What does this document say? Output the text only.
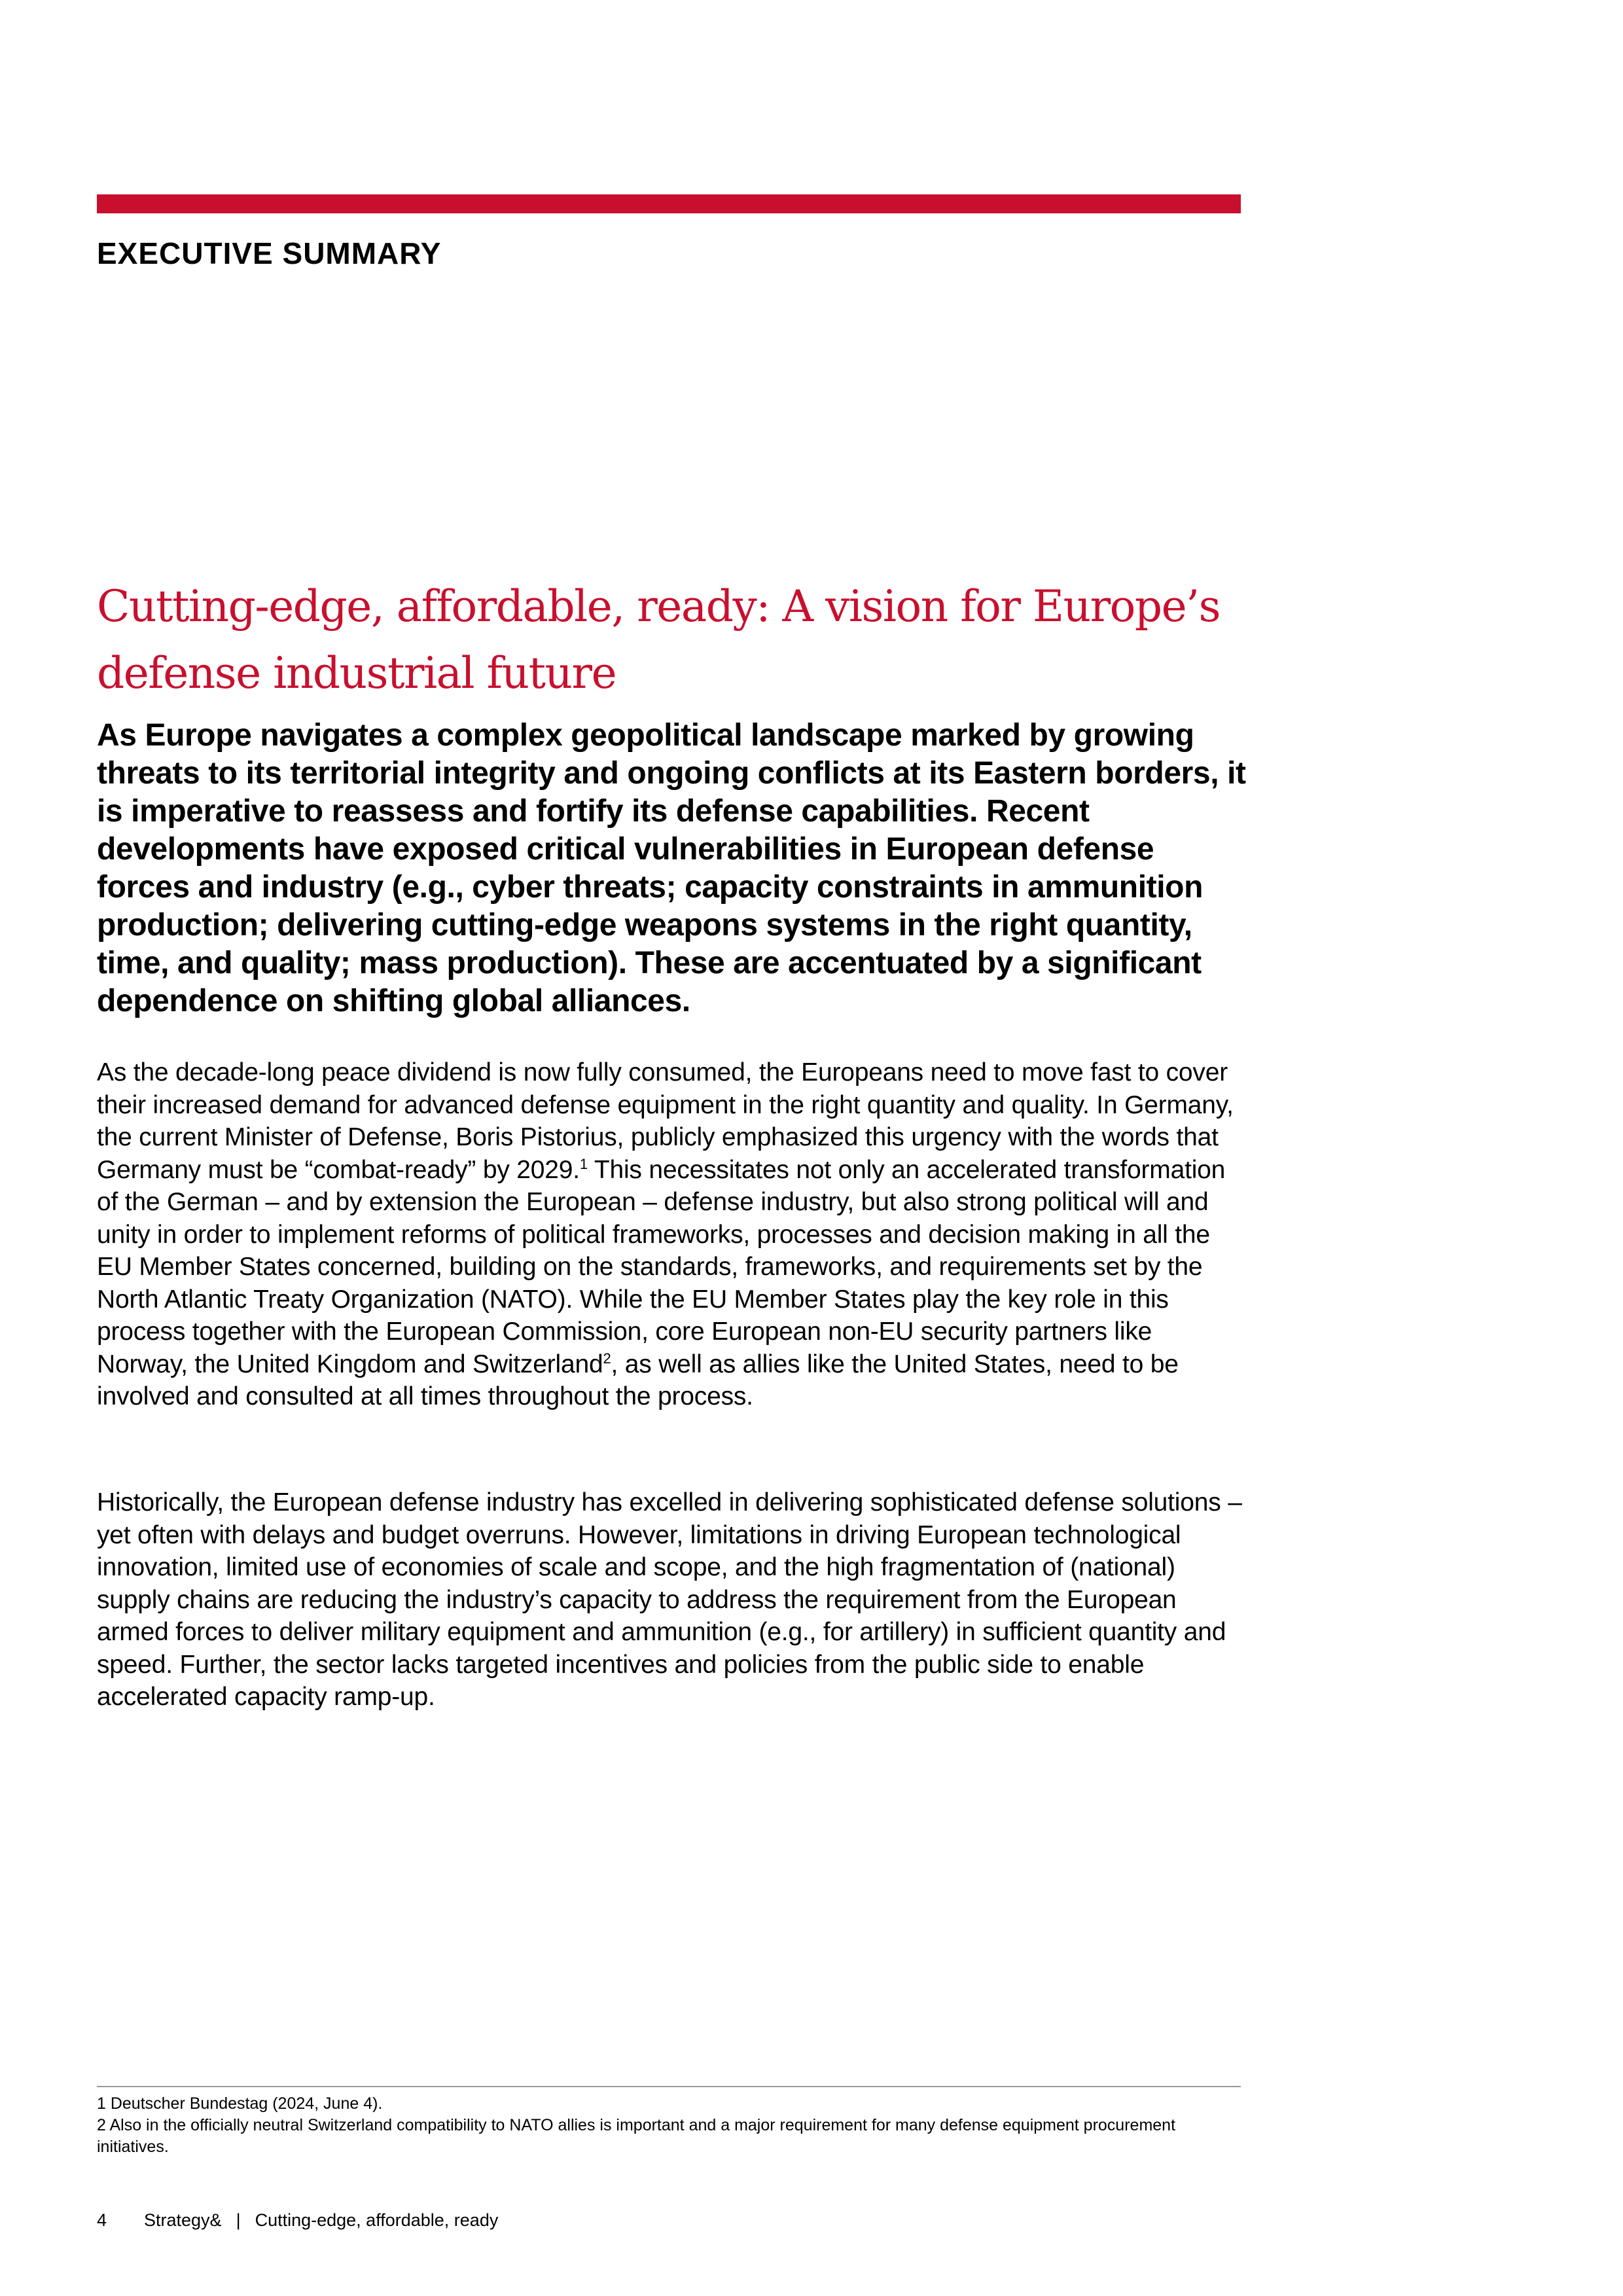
EXECUTIVE SUMMARY
Cutting-edge, affordable, ready: A vision for Europe’s defense industrial future

As Europe navigates a complex geopolitical landscape marked by growing threats to its territorial integrity and ongoing conflicts at its Eastern borders, it is imperative to reassess and fortify its defense capabilities. Recent developments have exposed critical vulnerabilities in European defense forces and industry (e.g., cyber threats; capacity constraints in ammunition production; delivering cutting-edge weapons systems in the right quantity, time, and quality; mass production). These are accentuated by a significant dependence on shifting global alliances.

As the decade-long peace dividend is now fully consumed, the Europeans need to move fast to cover their increased demand for advanced defense equipment in the right quantity and quality. In Germany, the current Minister of Defense, Boris Pistorius, publicly emphasized this urgency with the words that Germany must be “combat-ready” by 2029.$^1$ This necessitates not only an accelerated transformation of the German – and by extension the European – defense industry, but also strong political will and unity in order to implement reforms of political frameworks, processes and decision making in all the EU Member States concerned, building on the standards, frameworks, and requirements set by the North Atlantic Treaty Organization (NATO). While the EU Member States play the key role in this process together with the European Commission, core European non-EU security partners like Norway, the United Kingdom and Switzerland$^2$, as well as allies like the United States, need to be involved and consulted at all times throughout the process.

Historically, the European defense industry has excelled in delivering sophisticated defense solutions – yet often with delays and budget overruns. However, limitations in driving European technological innovation, limited use of economies of scale and scope, and the high fragmentation of (national) supply chains are reducing the industry’s capacity to address the requirement from the European armed forces to deliver military equipment and ammunition (e.g., for artillery) in sufficient quantity and speed. Further, the sector lacks targeted incentives and policies from the public side to enable accelerated capacity ramp-up.

1 Deutscher Bundestag (2024, June 4).

2 Also in the officially neutral Switzerland compatibility to NATO allies is important and a major requirement for many defense equipment procurement initiatives.

4 Strategy& | Cutting-edge, affordable, ready
